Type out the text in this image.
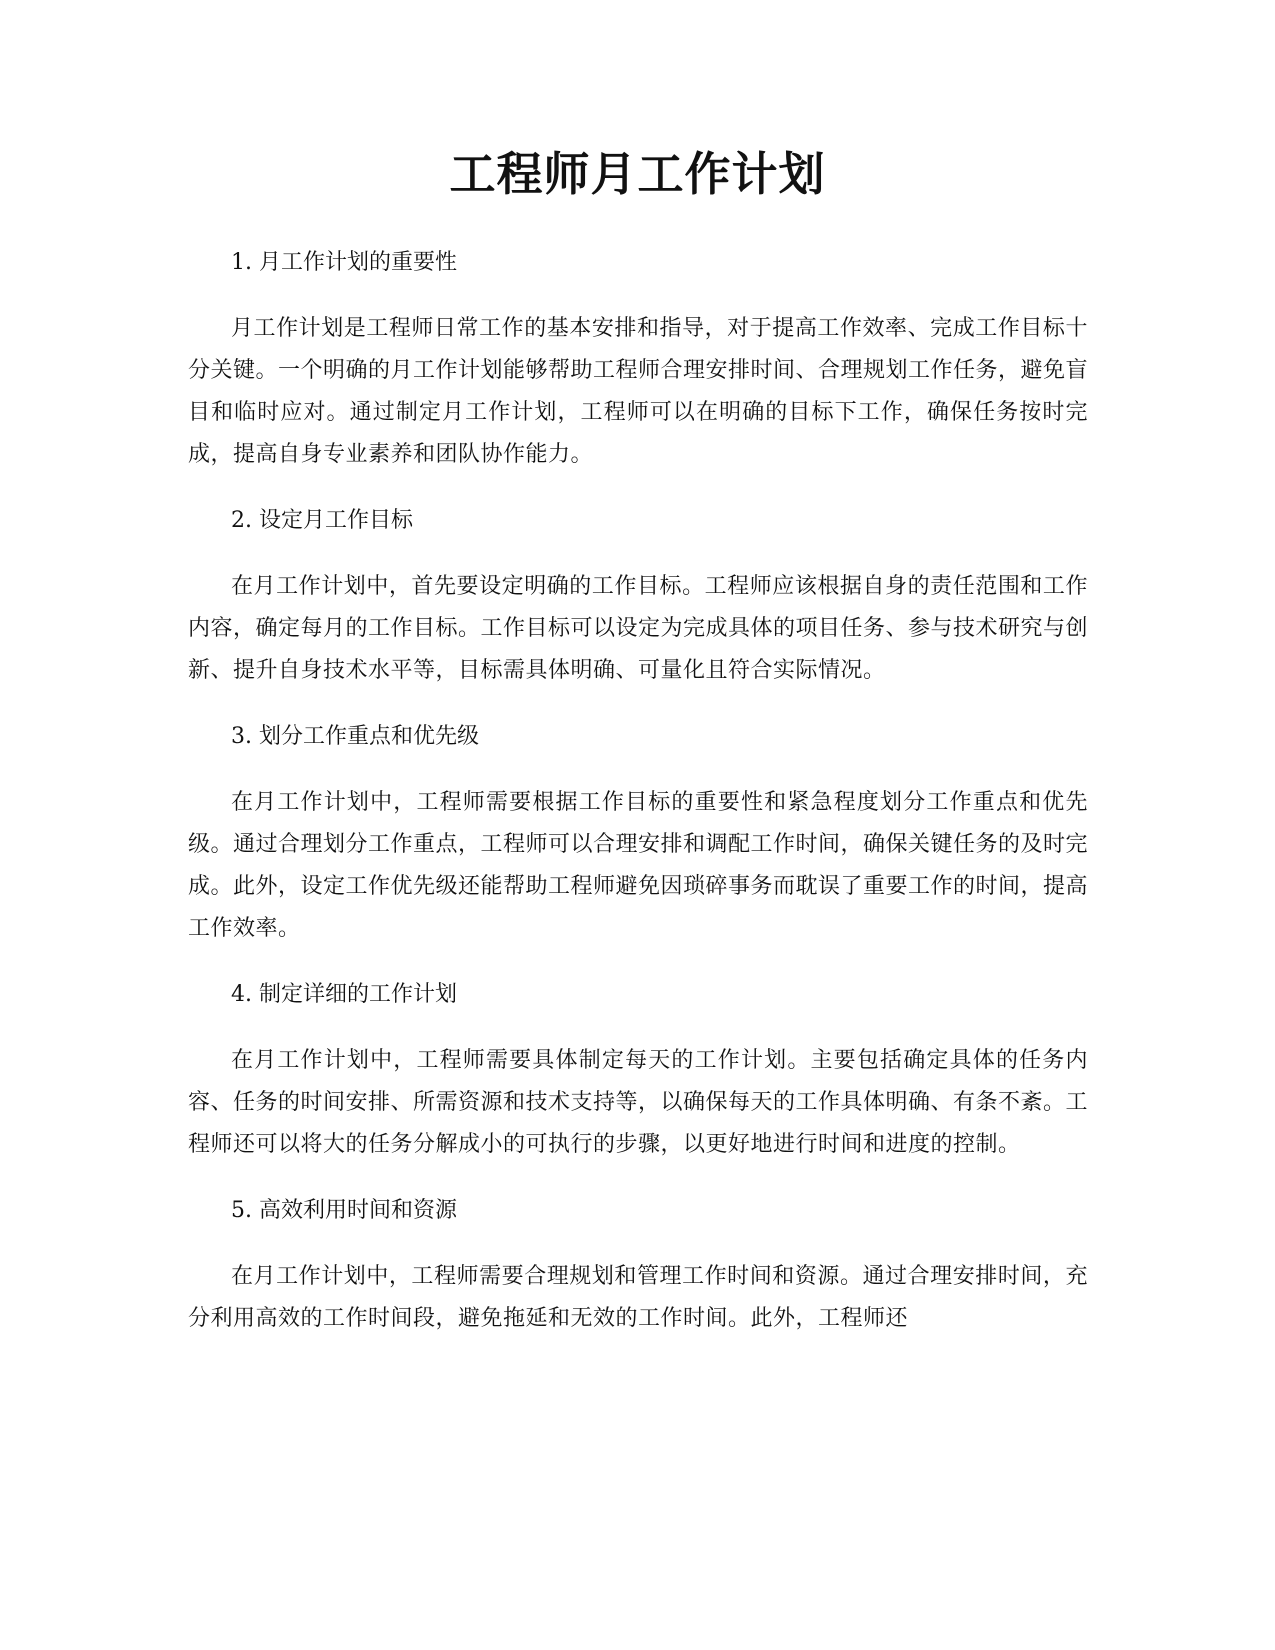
工程师月工作计划

1. 月工作计划的重要性

月工作计划是工程师日常工作的基本安排和指导，对于提高工作效率、完成工作目标十分关键。一个明确的月工作计划能够帮助工程师合理安排时间、合理规划工作任务，避免盲目和临时应对。通过制定月工作计划，工程师可以在明确的目标下工作，确保任务按时完成，提高自身专业素养和团队协作能力。

2. 设定月工作目标

在月工作计划中，首先要设定明确的工作目标。工程师应该根据自身的责任范围和工作内容，确定每月的工作目标。工作目标可以设定为完成具体的项目任务、参与技术研究与创新、提升自身技术水平等，目标需具体明确、可量化且符合实际情况。

3. 划分工作重点和优先级

在月工作计划中，工程师需要根据工作目标的重要性和紧急程度划分工作重点和优先级。通过合理划分工作重点，工程师可以合理安排和调配工作时间，确保关键任务的及时完成。此外，设定工作优先级还能帮助工程师避免因琐碎事务而耽误了重要工作的时间，提高工作效率。

4. 制定详细的工作计划

在月工作计划中，工程师需要具体制定每天的工作计划。主要包括确定具体的任务内容、任务的时间安排、所需资源和技术支持等，以确保每天的工作具体明确、有条不紊。工程师还可以将大的任务分解成小的可执行的步骤，以更好地进行时间和进度的控制。

5. 高效利用时间和资源

在月工作计划中，工程师需要合理规划和管理工作时间和资源。通过合理安排时间，充分利用高效的工作时间段，避免拖延和无效的工作时间。此外，工程师还
